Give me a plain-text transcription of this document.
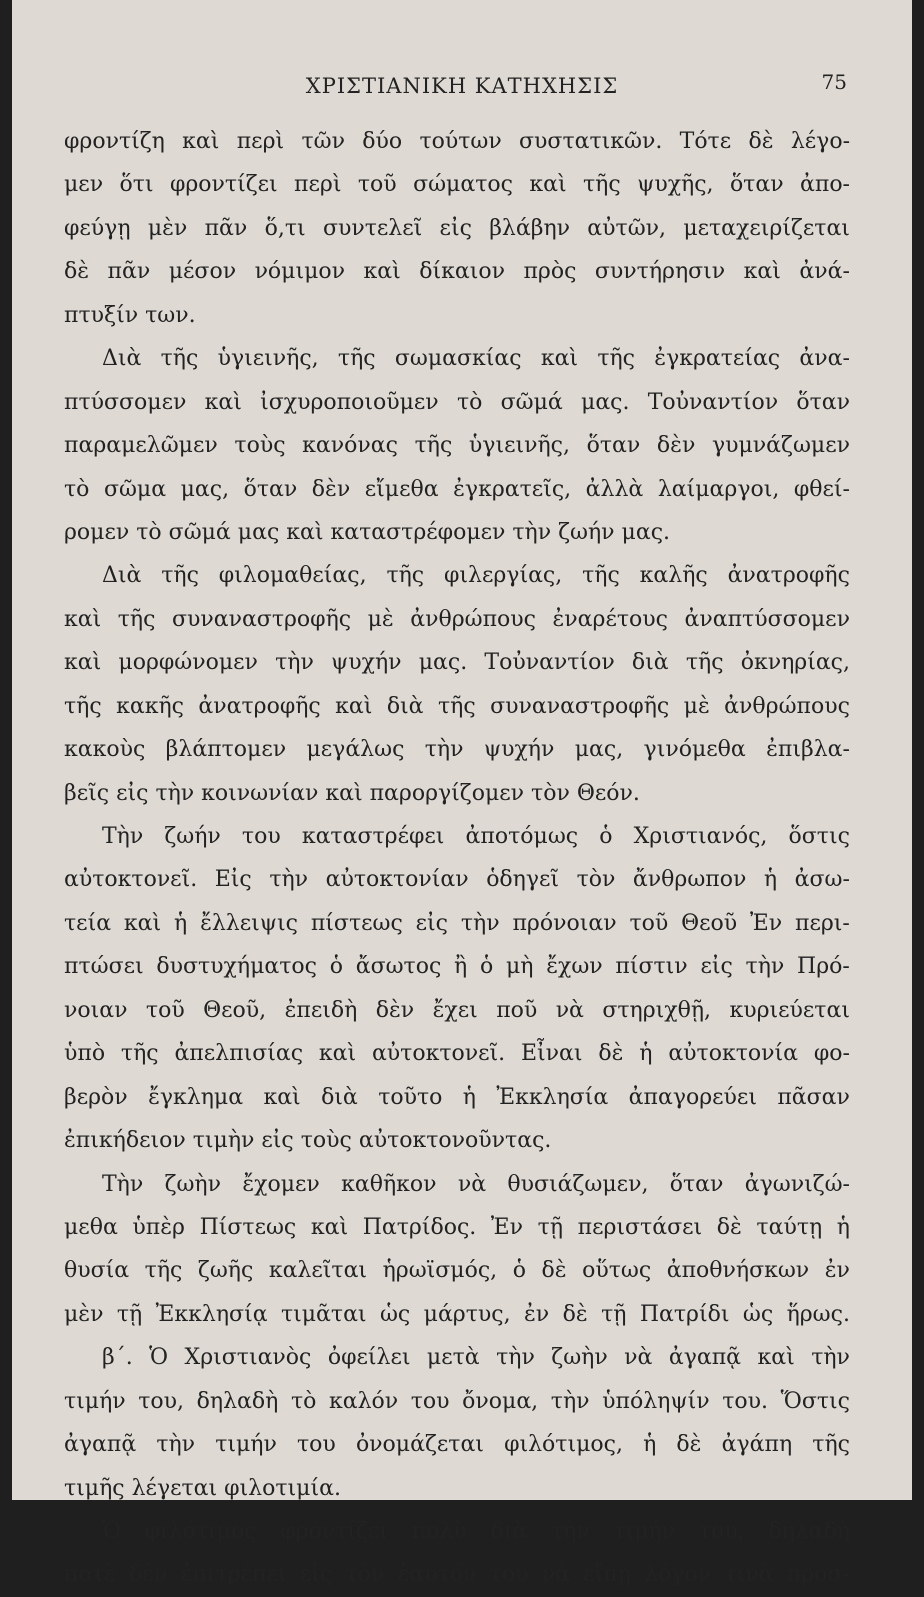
ΧΡΙΣΤΙΑΝΙΚΗ ΚΑΤΗΧΗΣΙΣ	75
φροντίζη καὶ περὶ τῶν δύο τούτων συστατικῶν. Τότε δὲ λέγο-
μεν ὅτι φροντίζει περὶ τοῦ σώματος καὶ τῆς ψυχῆς, ὅταν ἀπο-
φεύγῃ μὲν πᾶν ὅ,τι συντελεῖ εἰς βλάβην αὐτῶν, μεταχειρίζεται
δὲ πᾶν μέσον νόμιμον καὶ δίκαιον πρὸς συντήρησιν καὶ ἀνά-
πτυξίν
των.

Διὰ τῆς ὑγιεινῆς, τῆς σωμασκίας καὶ τῆς ἐγκρατείας ἀνα-
πτύσσομεν καὶ ἰσχυροποιοῦμεν τὸ σῶμά μας. Τοὐναντίον ὅταν
παραμελῶμεν τοὺς κανόνας τῆς ὑγιεινῆς, ὅταν δὲν γυμνάζωμεν
τὸ σῶμα μας, ὅταν δὲν εἴμεθα ἐγκρατεῖς, ἀλλὰ λαίμαργοι, φθεί-
ρομεν
τὸ
σῶμά
μας
καὶ
καταστρέφομεν
τὴν
ζωήν
μας.

Διὰ τῆς φιλομαθείας, τῆς φιλεργίας, τῆς καλῆς ἀνατροφῆς
καὶ τῆς συναναστροφῆς μὲ ἀνθρώπους ἐναρέτους ἀναπτύσσομεν
καὶ μορφώνομεν τὴν ψυχήν μας. Τοὐναντίον διὰ τῆς ὀκνηρίας,
τῆς κακῆς ἀνατροφῆς καὶ διὰ τῆς συναναστροφῆς μὲ ἀνθρώπους
κακοὺς βλάπτομεν μεγάλως τὴν ψυχήν μας, γινόμεθα ἐπιβλα-
βεῖς
εἰς
τὴν
κοινωνίαν
καὶ
παροργίζομεν
τὸν
Θεόν.

Τὴν ζωήν του καταστρέφει ἀποτόμως ὁ Χριστιανός, ὅστις
αὐτοκτονεῖ. Εἰς τὴν αὐτοκτονίαν ὁδηγεῖ τὸν ἄνθρωπον ἡ ἀσω-
τεία καὶ ἡ ἔλλειψις πίστεως εἰς τὴν πρόνοιαν τοῦ Θεοῦ Ἐν περι-
πτώσει δυστυχήματος ὁ ἄσωτος ἢ ὁ μὴ ἔχων πίστιν εἰς τὴν Πρό-
νοιαν τοῦ Θεοῦ, ἐπειδὴ δὲν ἔχει ποῦ νὰ στηριχθῇ, κυριεύεται
ὑπὸ τῆς ἀπελπισίας καὶ αὐτοκτονεῖ. Εἶναι δὲ ἡ αὐτοκτονία φο-
βερὸν ἔγκλημα καὶ διὰ τοῦτο ἡ Ἐκκλησία ἀπαγορεύει πᾶσαν
ἐπικήδειον
τιμὴν
εἰς
τοὺς
αὐτοκτονοῦντας.

Τὴν ζωὴν ἔχομεν καθῆκον νὰ θυσιάζωμεν, ὅταν ἀγωνιζώ-
μεθα ὑπὲρ Πίστεως καὶ Πατρίδος. Ἐν τῇ περιστάσει δὲ ταύτῃ ἡ
θυσία τῆς ζωῆς καλεῖται ἡρωϊσμός, ὁ δὲ οὕτως ἀποθνήσκων ἐν
μὲν τῇ Ἐκκλησίᾳ τιμᾶται ὡς μάρτυς, ἐν δὲ τῇ Πατρίδι ὡς ἥρως.
β΄. Ὁ Χριστιανὸς ὀφείλει μετὰ τὴν ζωὴν νὰ ἀγαπᾷ καὶ τὴν
τιμήν του, δηλαδὴ τὸ καλόν του ὄνομα, τὴν ὑπόληψίν του. Ὅστις
ἀγαπᾷ τὴν τιμήν του ὀνομάζεται φιλότιμος, ἡ δὲ ἀγάπη τῆς
τιμῆς
λέγεται
φιλοτιμία.

Ὁ φιλότιμος φροντίζει πολὺ διὰ τὴν τιμήν του, δηλαδὴ
ποτὲ δὲν ἐπιτρέπει εἰς τὸν ἑαυτόν του νὰ εἴπῃ λόγον τινὰ προσ-
